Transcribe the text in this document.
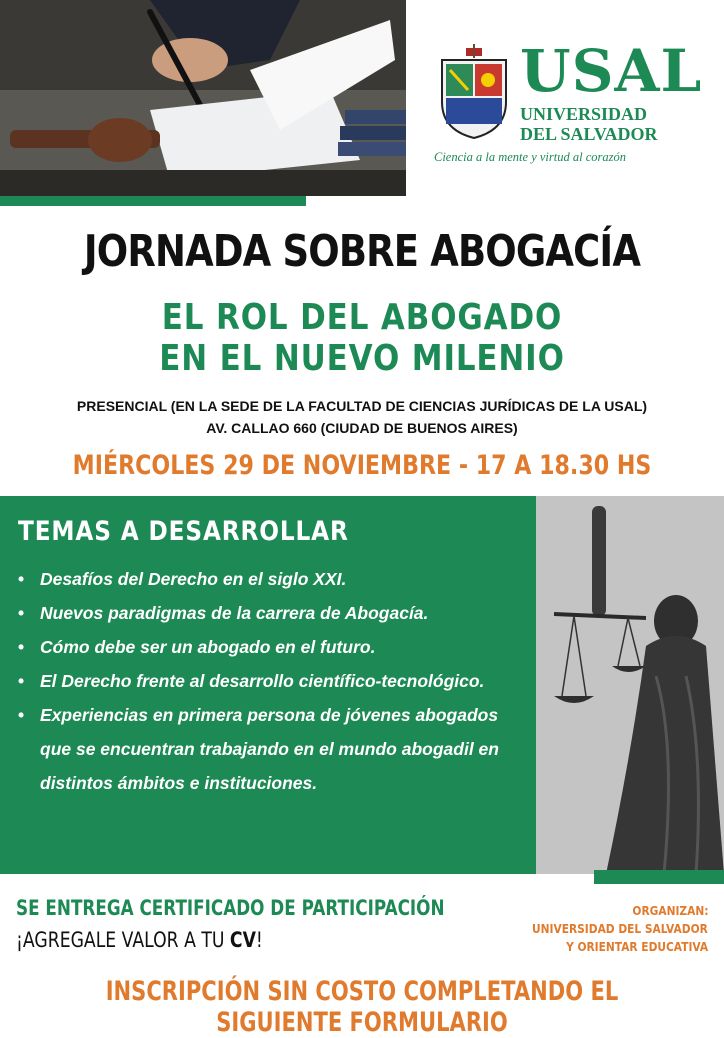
USAL
UNIVERSIDAD
DEL SALVADOR
Ciencia a la mente y virtud al corazón
JORNADA SOBRE ABOGACÍA
EL ROL DEL ABOGADO
EN EL NUEVO MILENIO
PRESENCIAL (EN LA SEDE DE LA FACULTAD DE CIENCIAS JURÍDICAS DE LA USAL)
AV. CALLAO 660 (CIUDAD DE BUENOS AIRES)
MIÉRCOLES 29 DE NOVIEMBRE - 17 A 18.30 HS
TEMAS A DESARROLLAR
• Desafíos del Derecho en el siglo XXI.
• Nuevos paradigmas de la carrera de Abogacía.
• Cómo debe ser un abogado en el futuro.
• El Derecho frente al desarrollo científico-tecnológico.
• Experiencias en primera persona de jóvenes abogados que se encuentran trabajando en el mundo abogadil en distintos ámbitos e instituciones.
SE ENTREGA CERTIFICADO DE PARTICIPACIÓN
¡AGREGALE VALOR A TU CV!
ORGANIZAN:
UNIVERSIDAD DEL SALVADOR
Y ORIENTAR EDUCATIVA
INSCRIPCIÓN SIN COSTO COMPLETANDO EL SIGUIENTE FORMULARIO
